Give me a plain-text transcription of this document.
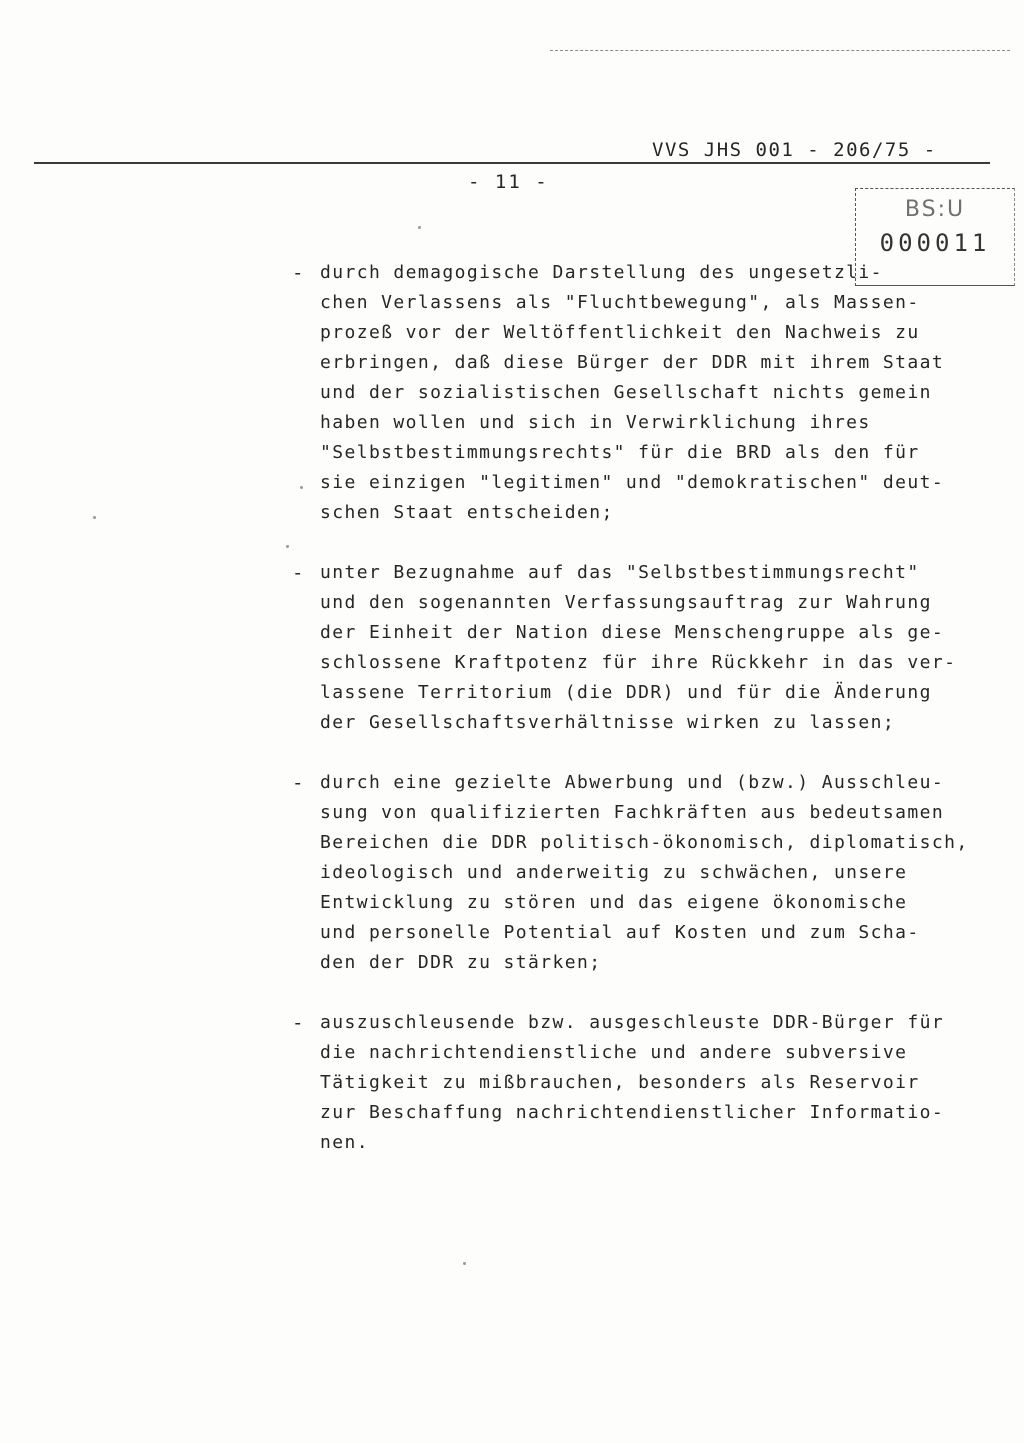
VVS JHS 001 - 206/75 -
- 11 -
BS:U
000011
- durch demagogische Darstellung des ungesetzli-
chen Verlassens als "Fluchtbewegung", als Massen-
prozeß vor der Weltöffentlichkeit den Nachweis zu
erbringen, daß diese Bürger der DDR mit ihrem Staat
und der sozialistischen Gesellschaft nichts gemein
haben wollen und sich in Verwirklichung ihres
"Selbstbestimmungsrechts" für die BRD als den für
sie einzigen "legitimen" und "demokratischen" deut-
schen Staat entscheiden;
- unter Bezugnahme auf das "Selbstbestimmungsrecht"
und den sogenannten Verfassungsauftrag zur Wahrung
der Einheit der Nation diese Menschengruppe als ge-
schlossene Kraftpotenz für ihre Rückkehr in das ver-
lassene Territorium (die DDR) und für die Änderung
der Gesellschaftsverhältnisse wirken zu lassen;
- durch eine gezielte Abwerbung und (bzw.) Ausschleu-
sung von qualifizierten Fachkräften aus bedeutsamen
Bereichen die DDR politisch-ökonomisch, diplomatisch,
ideologisch und anderweitig zu schwächen, unsere
Entwicklung zu stören und das eigene ökonomische
und personelle Potential auf Kosten und zum Scha-
den der DDR zu stärken;
- auszuschleusende bzw. ausgeschleuste DDR-Bürger für
die nachrichtendienstliche und andere subversive
Tätigkeit zu mißbrauchen, besonders als Reservoir
zur Beschaffung nachrichtendienstlicher Informatio-
nen.
